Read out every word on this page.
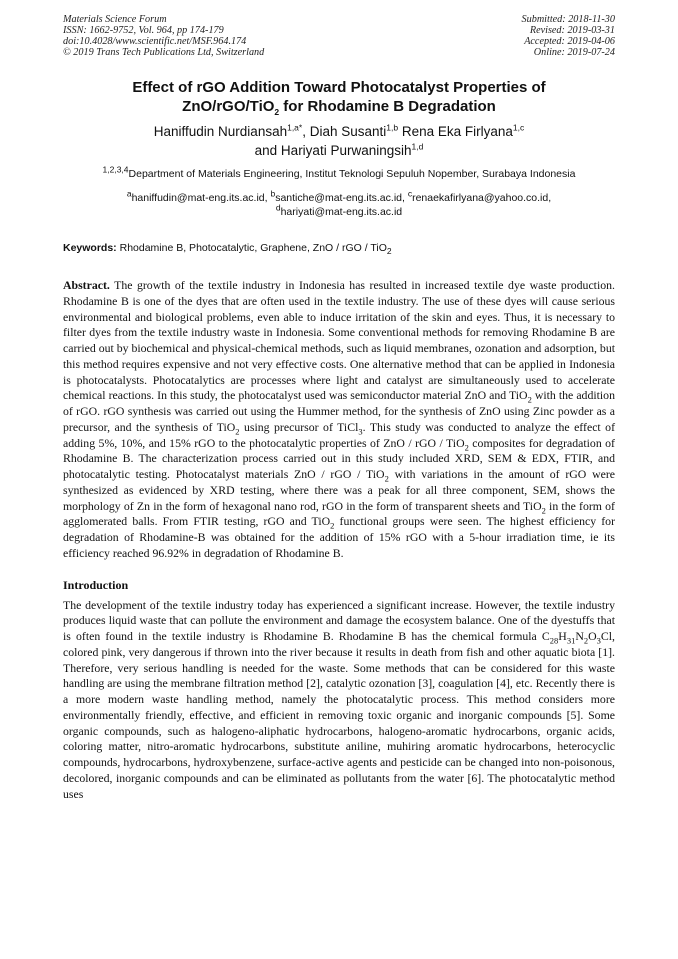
Materials Science Forum
ISSN: 1662-9752, Vol. 964, pp 174-179
doi:10.4028/www.scientific.net/MSF.964.174
© 2019 Trans Tech Publications Ltd, Switzerland
Submitted: 2018-11-30
Revised: 2019-03-31
Accepted: 2019-04-06
Online: 2019-07-24
Effect of rGO Addition Toward Photocatalyst Properties of
ZnO/rGO/TiO$_2$ for Rhodamine B Degradation
Haniffudin Nurdiansah$^{1,a*}$, Diah Susanti$^{1,b}$ Rena Eka Firlyana$^{1,c}$
and Hariyati Purwaningsih$^{1,d}$
$^{1,2,3,4}$Department of Materials Engineering, Institut Teknologi Sepuluh Nopember, Surabaya Indonesia
$^a$haniffudin@mat-eng.its.ac.id, $^b$santiche@mat-eng.its.ac.id, $^c$renaekafirlyana@yahoo.co.id,
$^d$hariyati@mat-eng.its.ac.id
Keywords: Rhodamine B, Photocatalytic, Graphene, ZnO / rGO / TiO$_2$

Abstract. The growth of the textile industry in Indonesia has resulted in increased textile dye waste production. Rhodamine B is one of the dyes that are often used in the textile industry. The use of these dyes will cause serious environmental and biological problems, even able to induce irritation of the skin and eyes. Thus, it is necessary to filter dyes from the textile industry waste in Indonesia. Some conventional methods for removing Rhodamine B are carried out by biochemical and physical-chemical methods, such as liquid membranes, ozonation and adsorption, but this method requires expensive and not very effective costs. One alternative method that can be applied in Indonesia is photocatalysts. Photocatalytics are processes where light and catalyst are simultaneously used to accelerate chemical reactions. In this study, the photocatalyst used was semiconductor material ZnO and TiO$_2$ with the addition of rGO. rGO synthesis was carried out using the Hummer method, for the synthesis of ZnO using Zinc powder as a precursor, and the synthesis of TiO$_2$ using precursor of TiCl$_3$. This study was conducted to analyze the effect of adding 5%, 10%, and 15% rGO to the photocatalytic properties of ZnO / rGO / TiO$_2$ composites for degradation of Rhodamine B. The characterization process carried out in this study included XRD, SEM & EDX, FTIR, and photocatalytic testing. Photocatalyst materials ZnO / rGO / TiO$_2$ with variations in the amount of rGO were synthesized as evidenced by XRD testing, where there was a peak for all three component, SEM, shows the morphology of Zn in the form of hexagonal nano rod, rGO in the form of transparent sheets and TiO$_2$ in the form of agglomerated balls. From FTIR testing, rGO and TiO$_2$ functional groups were seen. The highest efficiency for degradation of Rhodamine-B was obtained for the addition of 15% rGO with a 5-hour irradiation time, ie its efficiency reached 96.92% in degradation of Rhodamine B.

Introduction

The development of the textile industry today has experienced a significant increase. However, the textile industry produces liquid waste that can pollute the environment and damage the ecosystem balance. One of the dyestuffs that is often found in the textile industry is Rhodamine B. Rhodamine B has the chemical formula $C_{28}H_{31}N_2O_3Cl$, colored pink, very dangerous if thrown into the river because it results in death from fish and other aquatic biota [1]. Therefore, very serious handling is needed for the waste. Some methods that can be considered for this waste handling are using the membrane filtration method [2], catalytic ozonation [3], coagulation [4], etc. Recently there is a more modern waste handling method, namely the photocatalytic process. This method considers more environmentally friendly, effective, and efficient in removing toxic organic and inorganic compounds [5]. Some organic compounds, such as halogeno-aliphatic hydrocarbons, halogeno-aromatic hydrocarbons, organic acids, coloring matter, nitro-aromatic hydrocarbons, substitute aniline, muhiring aromatic hydrocarbons, heterocyclic compounds, hydrocarbons, hydroxybenzene, surface-active agents and pesticide can be changed into non-poisonous, decolored, inorganic compounds and can be eliminated as pollutants from the water [6]. The photocatalytic method uses
